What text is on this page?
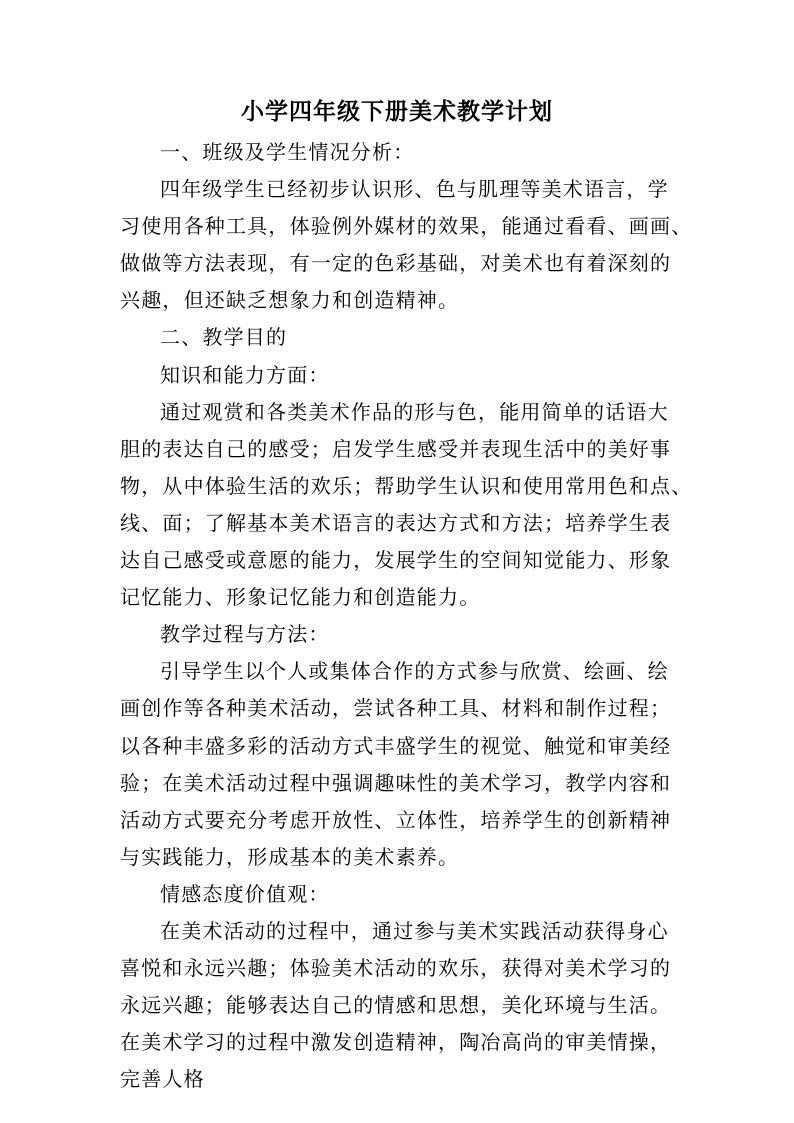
小学四年级下册美术教学计划

一、班级及学生情况分析：

四年级学生已经初步认识形、色与肌理等美术语言，学

习使用各种工具，体验例外媒材的效果，能通过看看、画画、

做做等方法表现，有一定的色彩基础，对美术也有着深刻的

兴趣，但还缺乏想象力和创造精神。

二、教学目的

知识和能力方面：

通过观赏和各类美术作品的形与色，能用简单的话语大

胆的表达自己的感受；启发学生感受并表现生活中的美好事

物，从中体验生活的欢乐；帮助学生认识和使用常用色和点、

线、面；了解基本美术语言的表达方式和方法；培养学生表

达自己感受或意愿的能力，发展学生的空间知觉能力、形象

记忆能力、形象记忆能力和创造能力。

教学过程与方法：

引导学生以个人或集体合作的方式参与欣赏、绘画、绘

画创作等各种美术活动，尝试各种工具、材料和制作过程；

以各种丰盛多彩的活动方式丰盛学生的视觉、触觉和审美经

验；在美术活动过程中强调趣味性的美术学习，教学内容和

活动方式要充分考虑开放性、立体性，培养学生的创新精神

与实践能力，形成基本的美术素养。

情感态度价值观：

在美术活动的过程中，通过参与美术实践活动获得身心

喜悦和永远兴趣；体验美术活动的欢乐，获得对美术学习的

永远兴趣；能够表达自己的情感和思想，美化环境与生活。

在美术学习的过程中激发创造精神，陶冶高尚的审美情操，

完善人格
